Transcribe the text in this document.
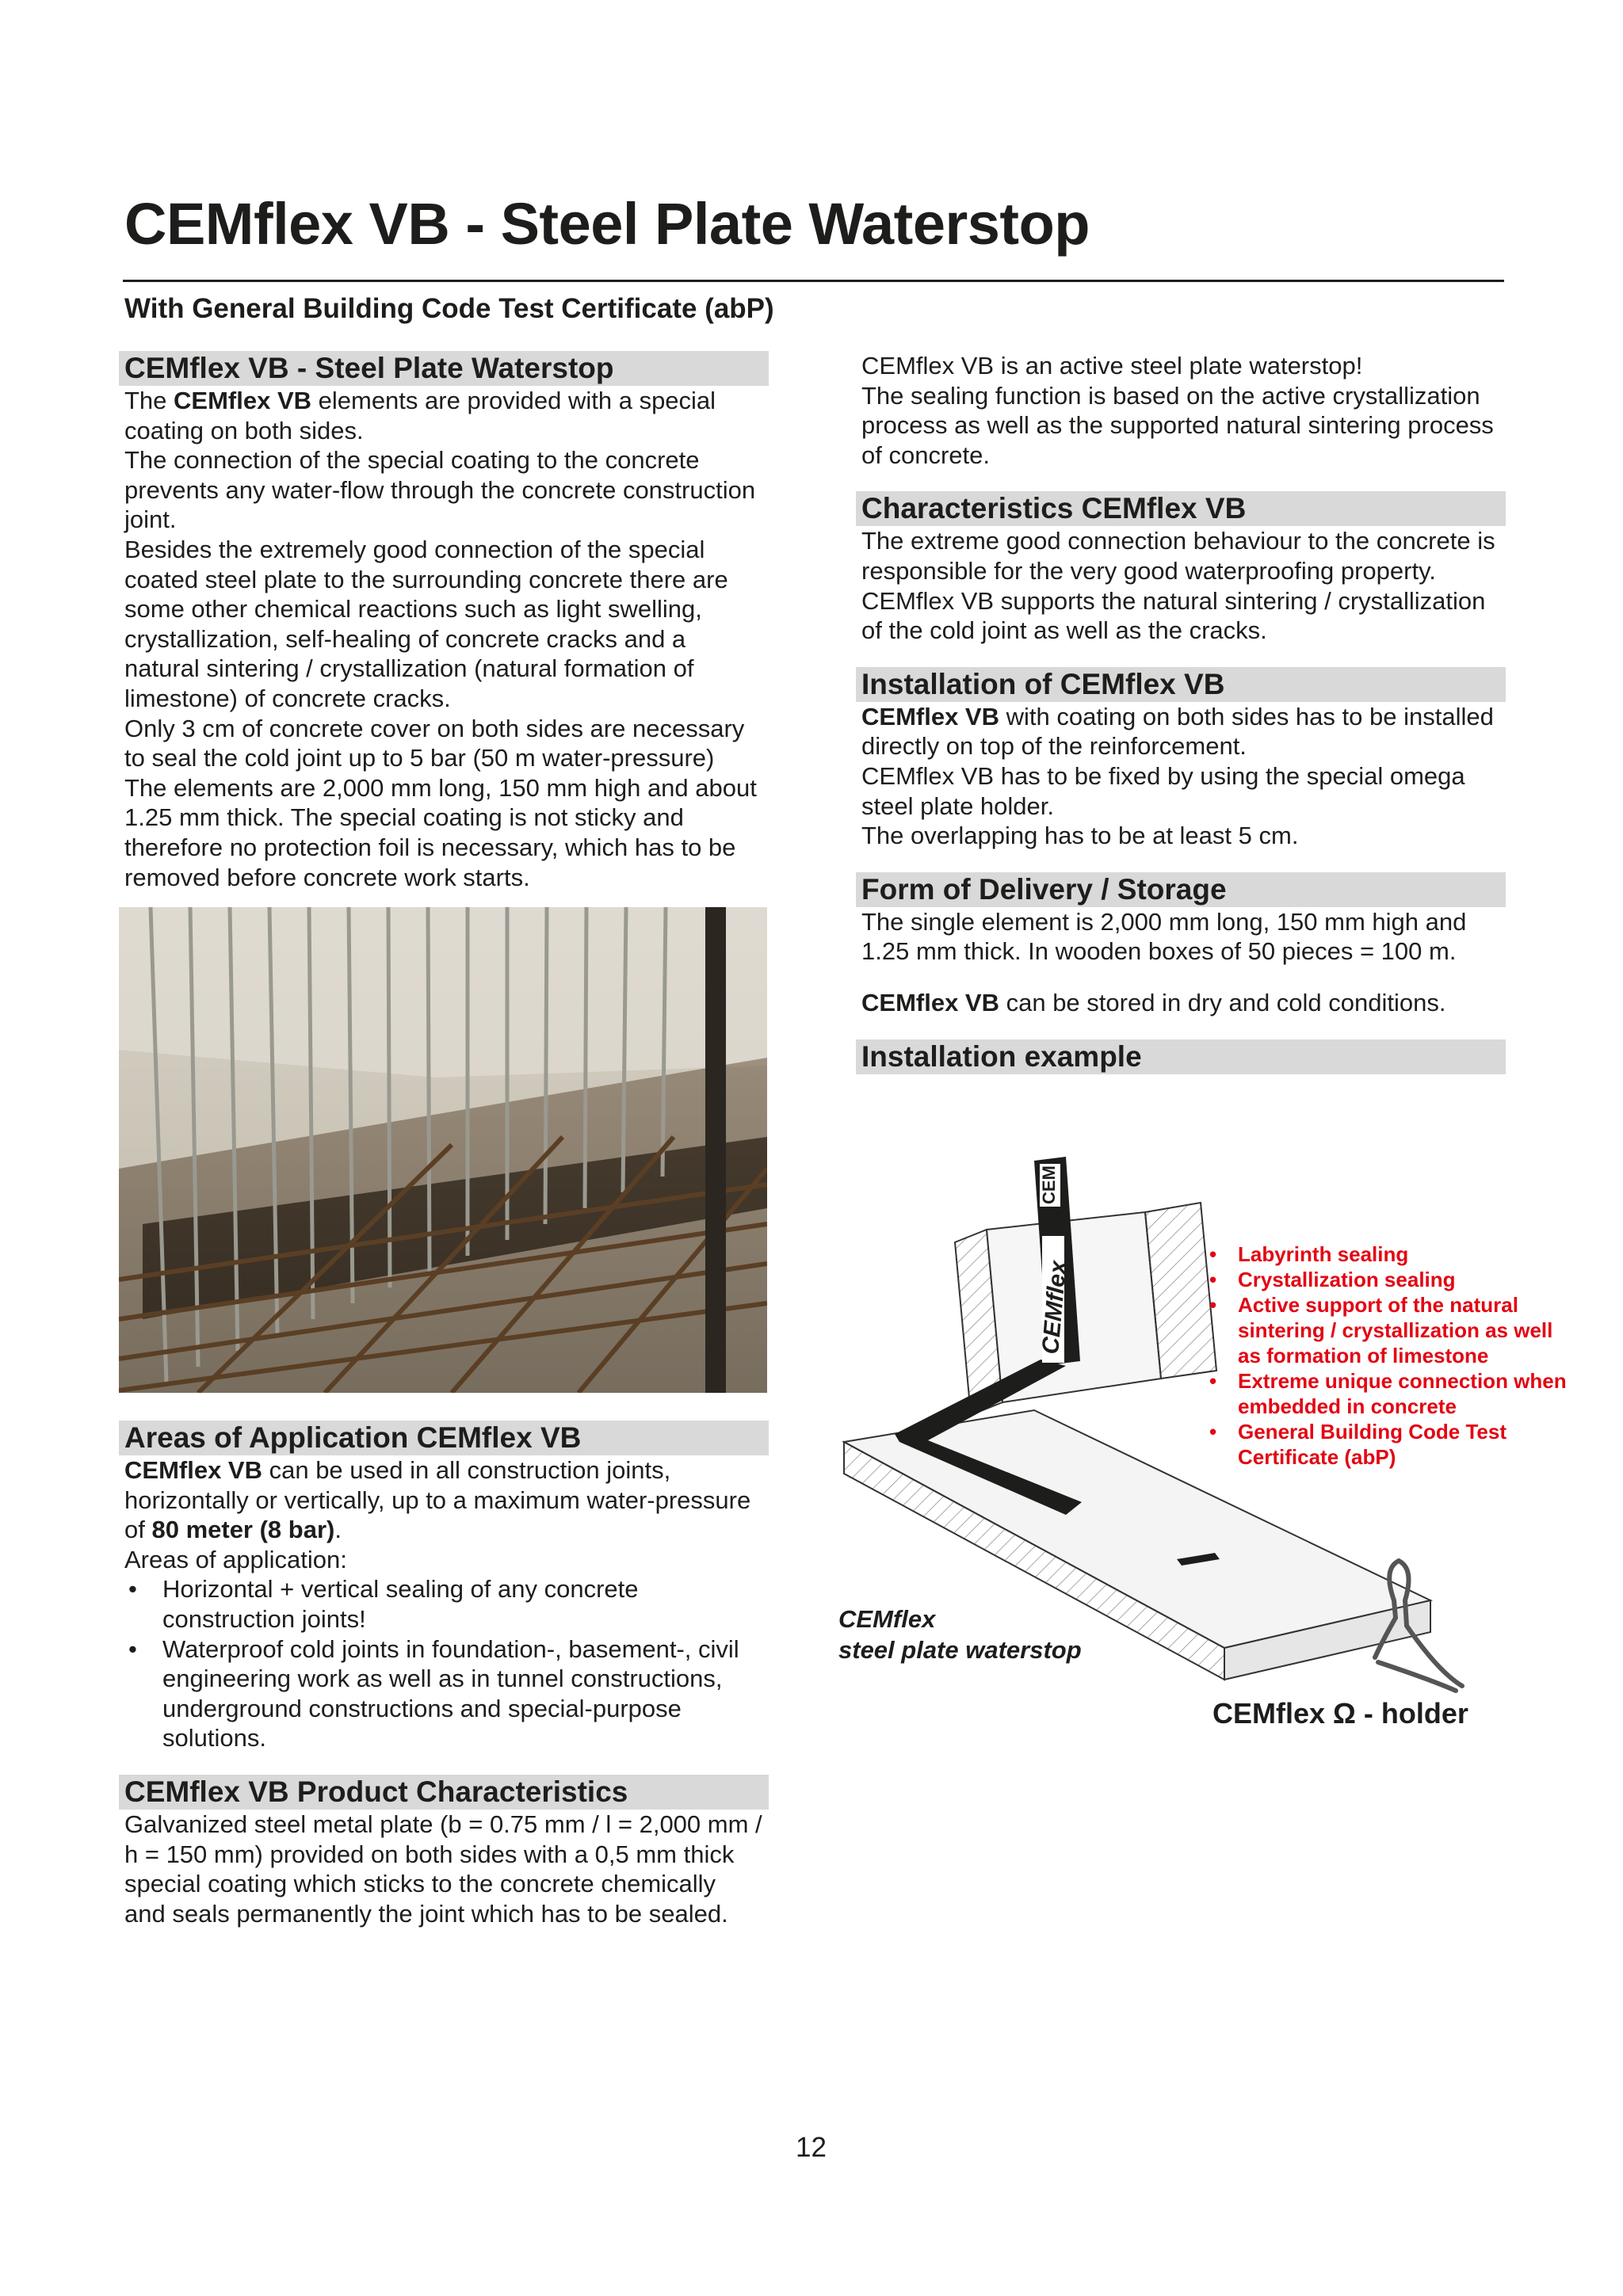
CEMflex VB - Steel Plate Waterstop
With General Building Code Test Certificate (abP)
CEMflex VB - Steel Plate Waterstop

The CEMflex VB elements are provided with a special coating on both sides.

The connection of the special coating to the concrete prevents any water-flow through the concrete construction joint.

Besides the extremely good connection of the special coated steel plate to the surrounding concrete there are some other chemical reactions such as light swelling, crystallization, self-healing of concrete cracks and a natural sintering / crystallization (natural formation of limestone) of concrete cracks.

Only 3 cm of concrete cover on both sides are necessary to seal the cold joint up to 5 bar (50 m water-pressure)

The elements are 2,000 mm long, 150 mm high and about 1.25 mm thick. The special coating is not sticky and therefore no protection foil is necessary, which has to be removed before concrete work starts.

Areas of Application CEMflex VB

CEMflex VB can be used in all construction joints, horizontally or vertically, up to a maximum water-pressure of 80 meter (8 bar).

Areas of application:

• Horizontal + vertical sealing of any concrete construction joints!
• Waterproof cold joints in foundation-, basement-, civil engineering work as well as in tunnel constructions, underground constructions and special-purpose solutions.
CEMflex VB Product Characteristics

Galvanized steel metal plate (b = 0.75 mm / l = 2,000 mm / h = 150 mm) provided on both sides with a 0,5 mm thick special coating which sticks to the concrete chemically and seals permanently the joint which has to be sealed.

CEMflex VB is an active steel plate waterstop!

The sealing function is based on the active crystallization process as well as the supported natural sintering process of concrete.

Characteristics CEMflex VB

The extreme good connection behaviour to the concrete is responsible for the very good waterproofing property.

CEMflex VB supports the natural sintering / crystallization of the cold joint as well as the cracks.

Installation of CEMflex VB

CEMflex VB with coating on both sides has to be installed directly on top of the reinforcement.

CEMflex VB has to be fixed by using the special omega steel plate holder.

The overlapping has to be at least 5 cm.

Form of Delivery / Storage

The single element is 2,000 mm long, 150 mm high and 1.25 mm thick. In wooden boxes of 50 pieces = 100 m.

CEMflex VB can be stored in dry and cold conditions.

Installation example
CEM
CEMflex
• Labyrinth sealing
• Crystallization sealing
• Active support of the natural sintering / crystallization as well as formation of limestone
• Extreme unique connection when embedded in concrete
• General Building Code Test Certificate (abP)
CEMflex
steel plate waterstop
CEMflex Ω - holder
12
